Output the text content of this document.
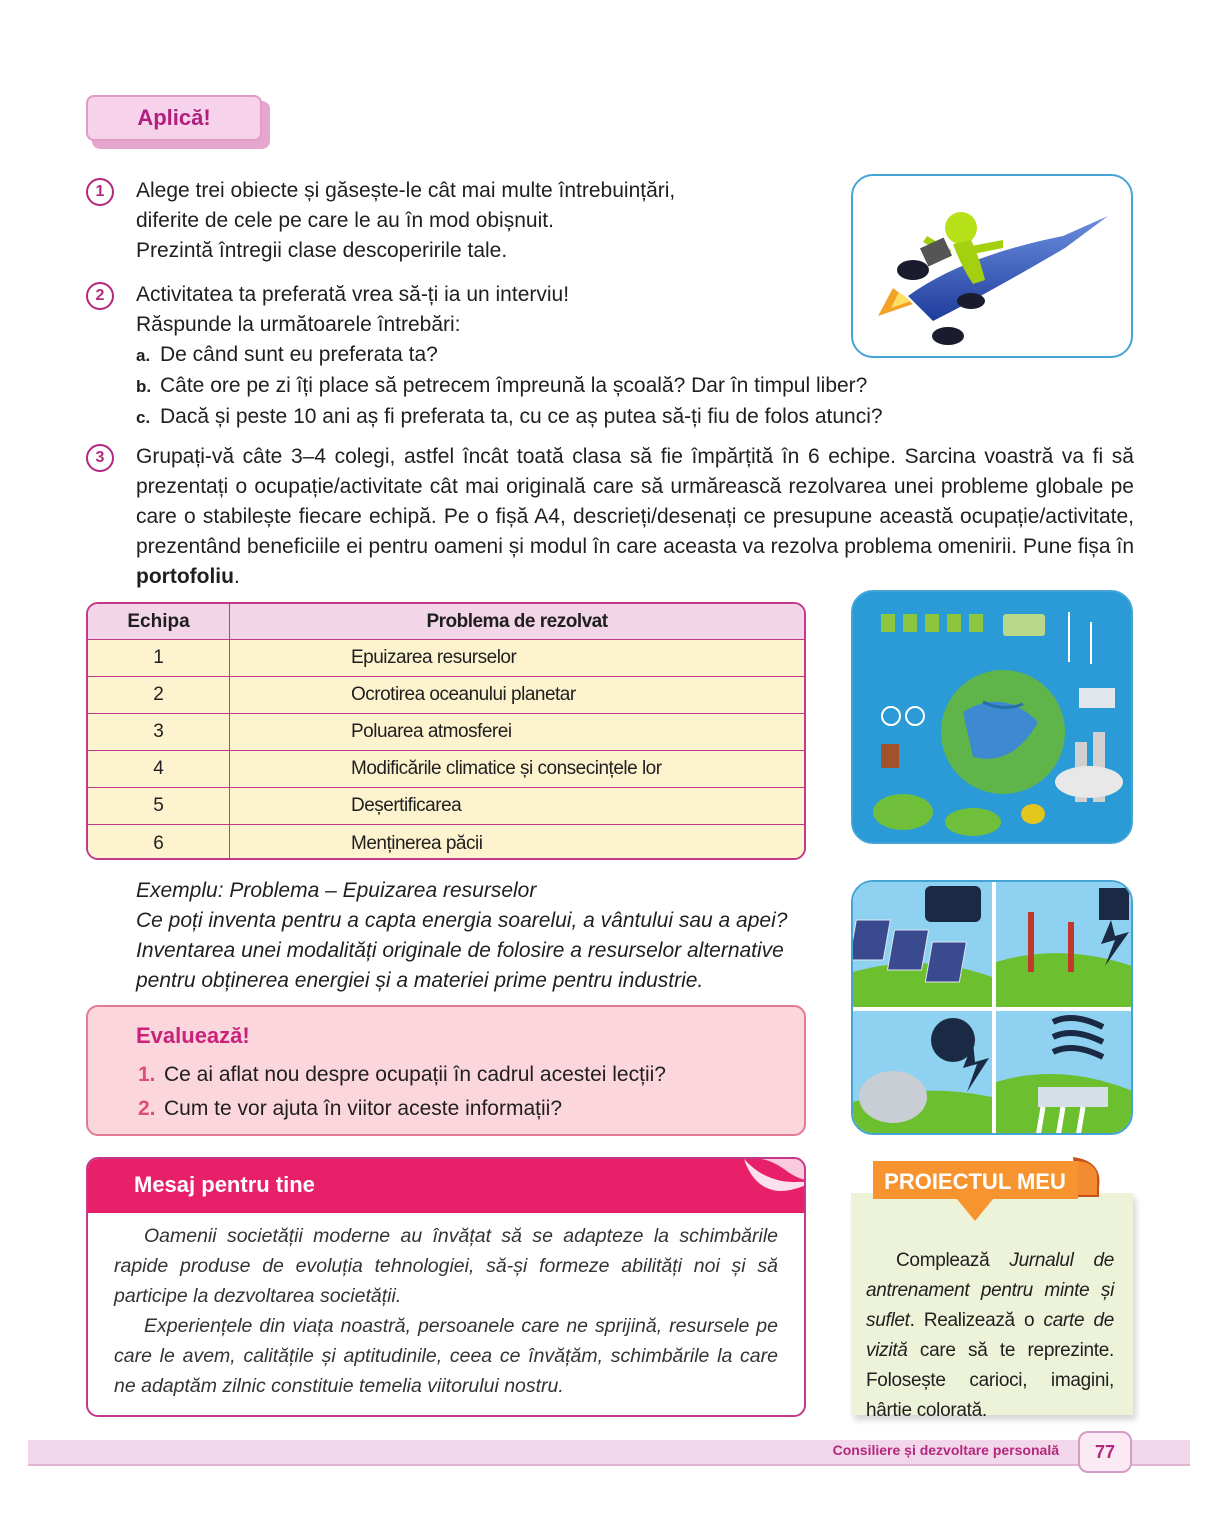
Aplică!
1	Alege trei obiecte și găsește-le cât mai multe întrebuințări,
diferite de cele pe care le au în mod obișnuit.
Prezintă întregii clase descoperirile tale.
2	Activitatea ta preferată vrea să-ți ia un interviu!
Răspunde la următoarele întrebări:
a. De când sunt eu preferata ta?
b. Câte ore pe zi îți place să petrecem împreună la școală? Dar în timpul liber?
c. Dacă și peste 10 ani aș fi preferata ta, cu ce aș putea să-ți fiu de folos atunci?
3	Grupați-vă câte 3–4 colegi, astfel încât toată clasa să fie împărțită în 6 echipe. Sarcina voastră va fi să prezentați o ocupație/activitate cât mai originală care să urmărească rezolvarea unei probleme globale pe care o stabilește fiecare echipă. Pe o fișă A4, descrieți/desenați ce presupune această ocupație/activitate, prezentând beneficiile ei pentru oameni și modul în care aceasta va rezolva problema omenirii. Pune fișa în portofoliu.
Echipa	Problema de rezolvat
1	Epuizarea resurselor
2	Ocrotirea oceanului planetar
3	Poluarea atmosferei
4	Modificările climatice și consecințele lor
5	Deșertificarea
6	Menținerea păcii
Exemplu: Problema – Epuizarea resurselor
Ce poți inventa pentru a capta energia soarelui, a vântului sau a apei?
Inventarea unei modalități originale de folosire a resurselor alternative
pentru obținerea energiei și a materiei prime pentru industrie.
Evaluează!
1. Ce ai aflat nou despre ocupații în cadrul acestei lecții?
2. Cum te vor ajuta în viitor aceste informații?
Mesaj pentru tine
Oamenii societății moderne au învățat să se adapteze la schimbările rapide produse de evoluția tehnologiei, să-și formeze abilități noi și să participe la dezvoltarea societății.
Experiențele din viața noastră, persoanele care ne sprijină, resursele pe care le avem, calitățile și aptitudinile, ceea ce învățăm, schimbările la care ne adaptăm zilnic constituie temelia viitorului nostru.
PROIECTUL MEU
Complează Jurnalul de antrenament pentru minte și suflet. Realizează o carte de vizită care să te reprezinte. Folosește carioci, imagini, hârtie colorată.
Consiliere și dezvoltare personală	77
